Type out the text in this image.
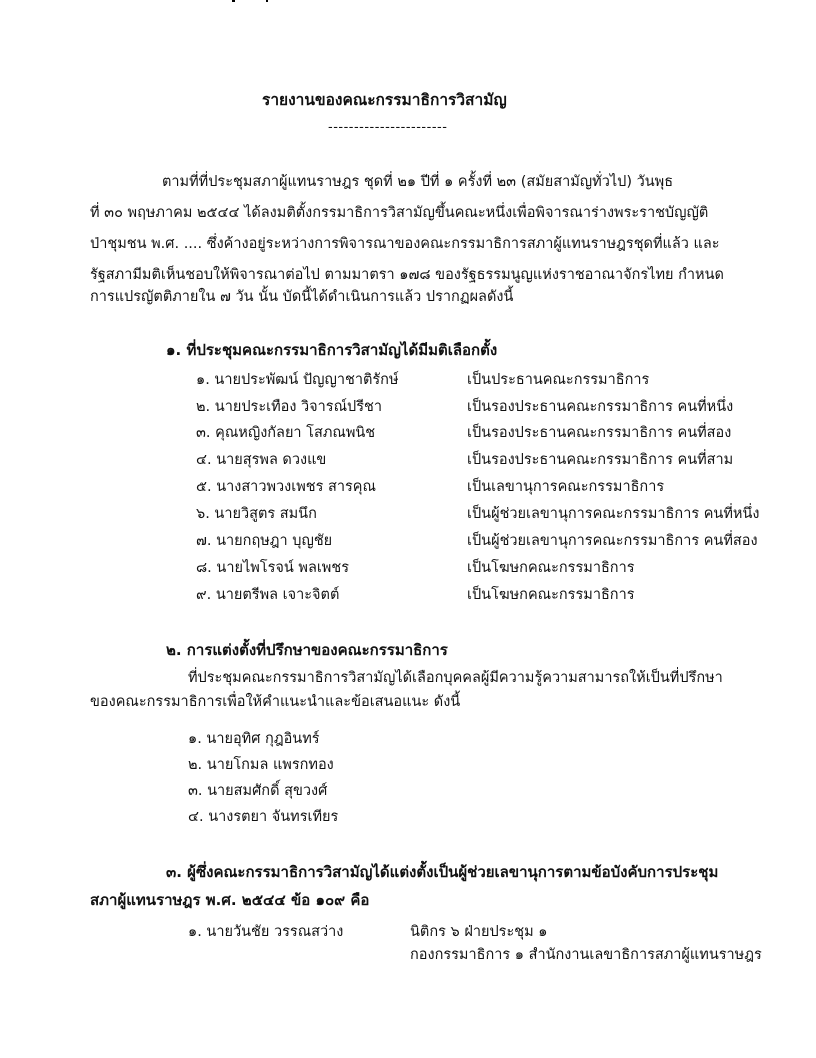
รายงานของคณะกรรมาธิการวิสามัญ
-----------------------
ตามที่ที่ประชุมสภาผู้แทนราษฎร ชุดที่ ๒๑ ปีที่ ๑ ครั้งที่ ๒๓ (สมัยสามัญทั่วไป) วันพุธ
ที่ ๓๐ พฤษภาคม ๒๕๔๔ ได้ลงมติตั้งกรรมาธิการวิสามัญขึ้นคณะหนึ่งเพื่อพิจารณาร่างพระราชบัญญัติ
ป่าชุมชน พ.ศ. .... ซึ่งค้างอยู่ระหว่างการพิจารณาของคณะกรรมาธิการสภาผู้แทนราษฎรชุดที่แล้ว และ
รัฐสภามีมติเห็นชอบให้พิจารณาต่อไป ตามมาตรา ๑๗๘ ของรัฐธรรมนูญแห่งราชอาณาจักรไทย กำหนด
การแปรญัตติภายใน ๗ วัน นั้น บัดนี้ได้ดำเนินการแล้ว ปรากฏผลดังนี้
๑. ที่ประชุมคณะกรรมาธิการวิสามัญได้มีมติเลือกตั้ง
๑. นายประพัฒน์ ปัญญาชาติรักษ์	เป็นประธานคณะกรรมาธิการ
๒. นายประเทือง วิจารณ์ปรีชา	เป็นรองประธานคณะกรรมาธิการ คนที่หนึ่ง
๓. คุณหญิงกัลยา โสภณพนิช	เป็นรองประธานคณะกรรมาธิการ คนที่สอง
๔. นายสุรพล ดวงแข	เป็นรองประธานคณะกรรมาธิการ คนที่สาม
๕. นางสาวพวงเพชร สารคุณ	เป็นเลขานุการคณะกรรมาธิการ
๖. นายวิสูตร สมนึก	เป็นผู้ช่วยเลขานุการคณะกรรมาธิการ คนที่หนึ่ง
๗. นายกฤษฎา บุญชัย	เป็นผู้ช่วยเลขานุการคณะกรรมาธิการ คนที่สอง
๘. นายไพโรจน์ พลเพชร	เป็นโฆษกคณะกรรมาธิการ
๙. นายตรีพล เจาะจิตต์	เป็นโฆษกคณะกรรมาธิการ
๒. การแต่งตั้งที่ปรึกษาของคณะกรรมาธิการ
ที่ประชุมคณะกรรมาธิการวิสามัญได้เลือกบุคคลผู้มีความรู้ความสามารถให้เป็นที่ปรึกษา
ของคณะกรรมาธิการเพื่อให้คำแนะนำและข้อเสนอแนะ ดังนี้
๑. นายอุทิศ กุฎอินทร์
๒. นายโกมล แพรกทอง
๓. นายสมศักดิ์ สุขวงศ์
๔. นางรตยา จันทรเทียร
๓. ผู้ซึ่งคณะกรรมาธิการวิสามัญได้แต่งตั้งเป็นผู้ช่วยเลขานุการตามข้อบังคับการประชุม
สภาผู้แทนราษฎร พ.ศ. ๒๕๔๔ ข้อ ๑๐๙ คือ
๑. นายวันชัย วรรณสว่าง	นิติกร ๖ ฝ่ายประชุม ๑
กองกรรมาธิการ ๑ สำนักงานเลขาธิการสภาผู้แทนราษฎร
